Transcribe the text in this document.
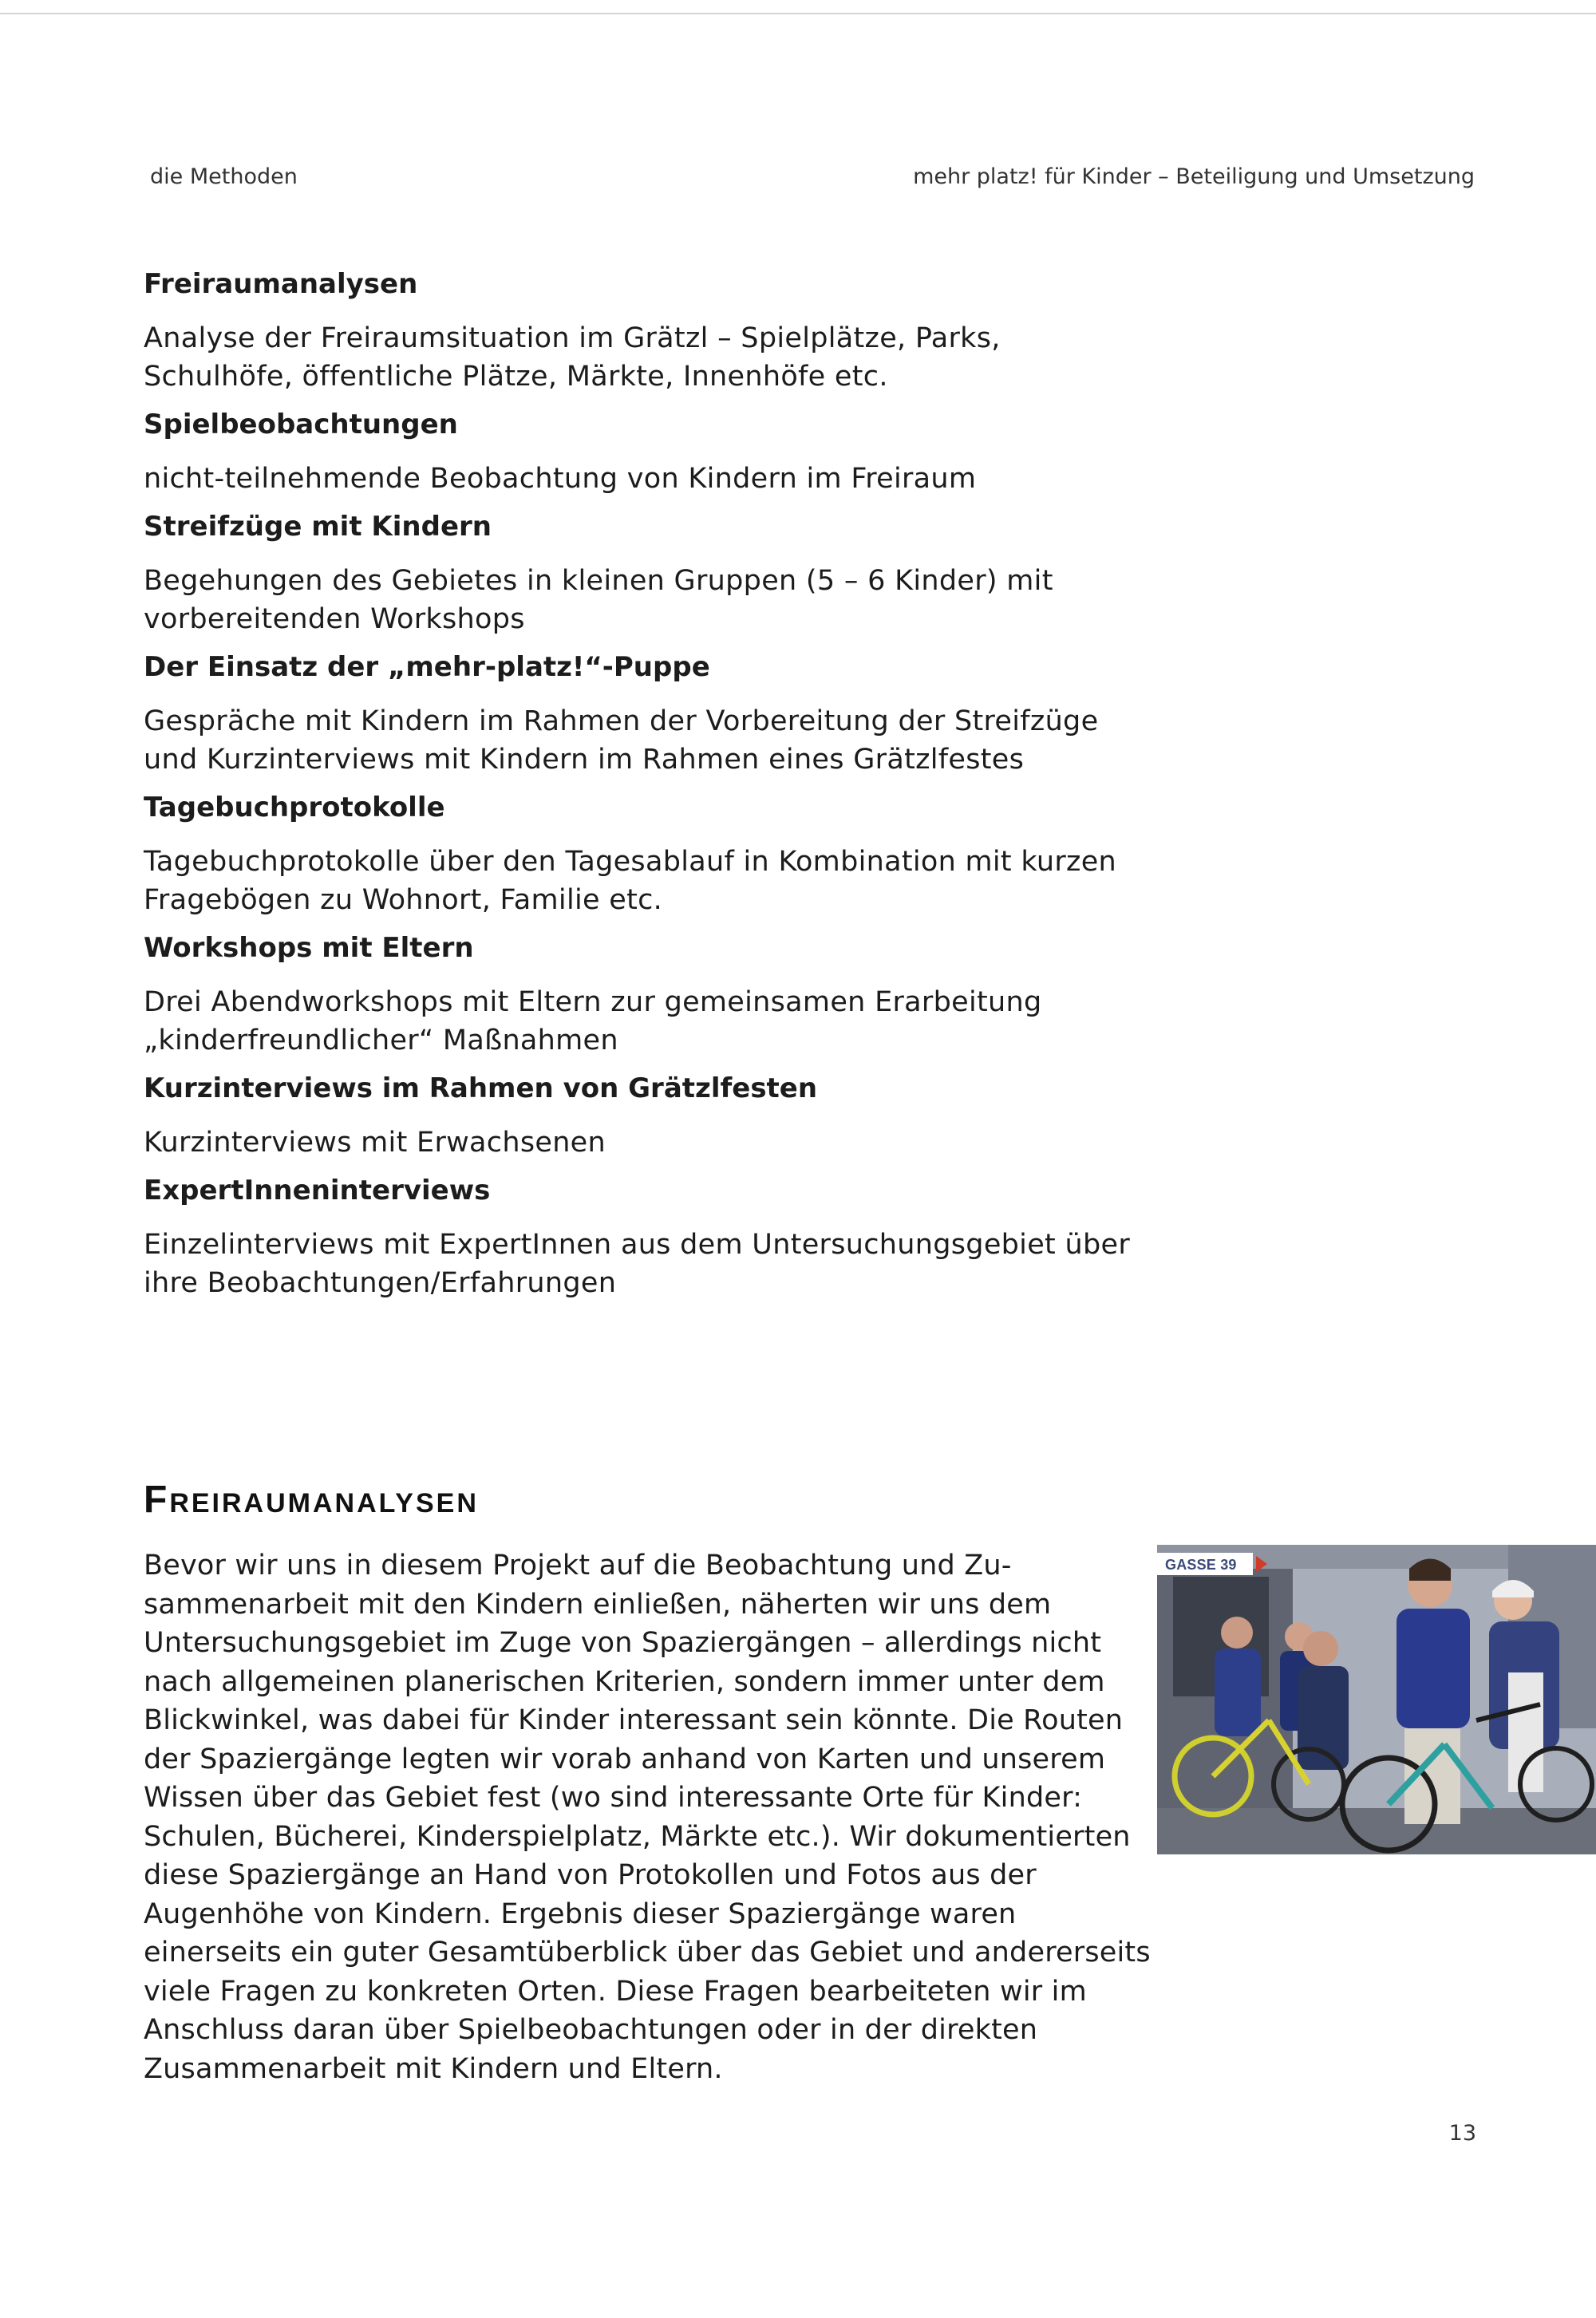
die Methoden	mehr platz! für Kinder – Beteiligung und Umsetzung
Freiraumanalysen

Analyse der Freiraumsituation im Grätzl – Spielplätze, Parks, Schulhöfe, öffentliche Plätze, Märkte, Innenhöfe etc.

Spielbeobachtungen

nicht-teilnehmende Beobachtung von Kindern im Freiraum

Streifzüge mit Kindern

Begehungen des Gebietes in kleinen Gruppen (5 – 6 Kinder) mit vorbereitenden Workshops

Der Einsatz der „mehr-platz!“-Puppe

Gespräche mit Kindern im Rahmen der Vorbereitung der Streifzüge und Kurzinterviews mit Kindern im Rahmen eines Grätzlfestes

Tagebuchprotokolle

Tagebuchprotokolle über den Tagesablauf in Kombination mit kurzen Fragebögen zu Wohnort, Familie etc.

Workshops mit Eltern

Drei Abendworkshops mit Eltern zur gemeinsamen Erarbeitung „kinderfreundlicher“ Maßnahmen

Kurzinterviews im Rahmen von Grätzlfesten

Kurzinterviews mit Erwachsenen

ExpertInneninterviews

Einzelinterviews mit ExpertInnen aus dem Untersuchungsgebiet über ihre Beobachtungen/Erfahrungen

Freiraumanalysen
GASSE 39
Bevor wir uns in diesem Projekt auf die Beobachtung und Zusammenarbeit mit den Kindern einließen, näherten wir uns dem Untersuchungsgebiet im Zuge von Spaziergängen – allerdings nicht nach allgemeinen planerischen Kriterien, sondern immer unter dem Blickwinkel, was dabei für Kinder interessant sein könnte. Die Routen der Spaziergänge legten wir vorab anhand von Karten und unserem Wissen über das Gebiet fest (wo sind interessante Orte für Kinder: Schulen, Bücherei, Kinderspielplatz, Märkte etc.). Wir dokumentierten diese Spaziergänge an Hand von Protokollen und Fotos aus der Augenhöhe von Kindern. Ergebnis dieser Spaziergänge waren einerseits ein guter Gesamtüberblick über das Gebiet und andererseits viele Fragen zu konkreten Orten. Diese Fragen bearbeiteten wir im Anschluss daran über Spielbeobachtungen oder in der direkten Zusammenarbeit mit Kindern und Eltern.
13
